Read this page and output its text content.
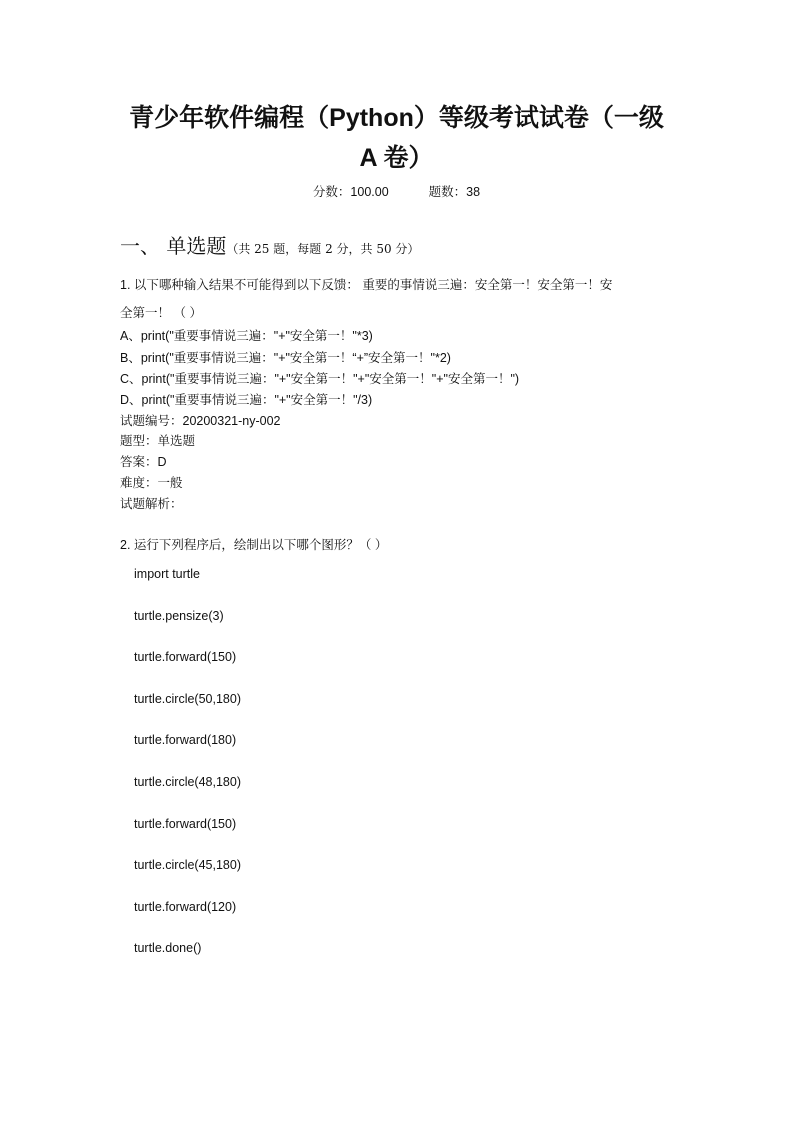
青少年软件编程（Python）等级考试试卷（一级
A 卷）
分数：100.00	题数：38
一、 单选题（共 25 题，每题 2 分，共 50 分）
1. 以下哪种输入结果不可能得到以下反馈： 重要的事情说三遍：安全第一！安全第一！安
全第一！ （ ）
A、print("重要事情说三遍："+"安全第一！"*3)
B、print("重要事情说三遍："+"安全第一！“+”安全第一！"*2)
C、print("重要事情说三遍："+"安全第一！"+"安全第一！"+"安全第一！")
D、print("重要事情说三遍："+"安全第一！"/3)
试题编号：20200321-ny-002
题型：单选题
答案：D
难度：一般
试题解析：
2. 运行下列程序后，绘制出以下哪个图形？（ ）
import turtle
turtle.pensize(3)
turtle.forward(150)
turtle.circle(50,180)
turtle.forward(180)
turtle.circle(48,180)
turtle.forward(150)
turtle.circle(45,180)
turtle.forward(120)
turtle.done()
